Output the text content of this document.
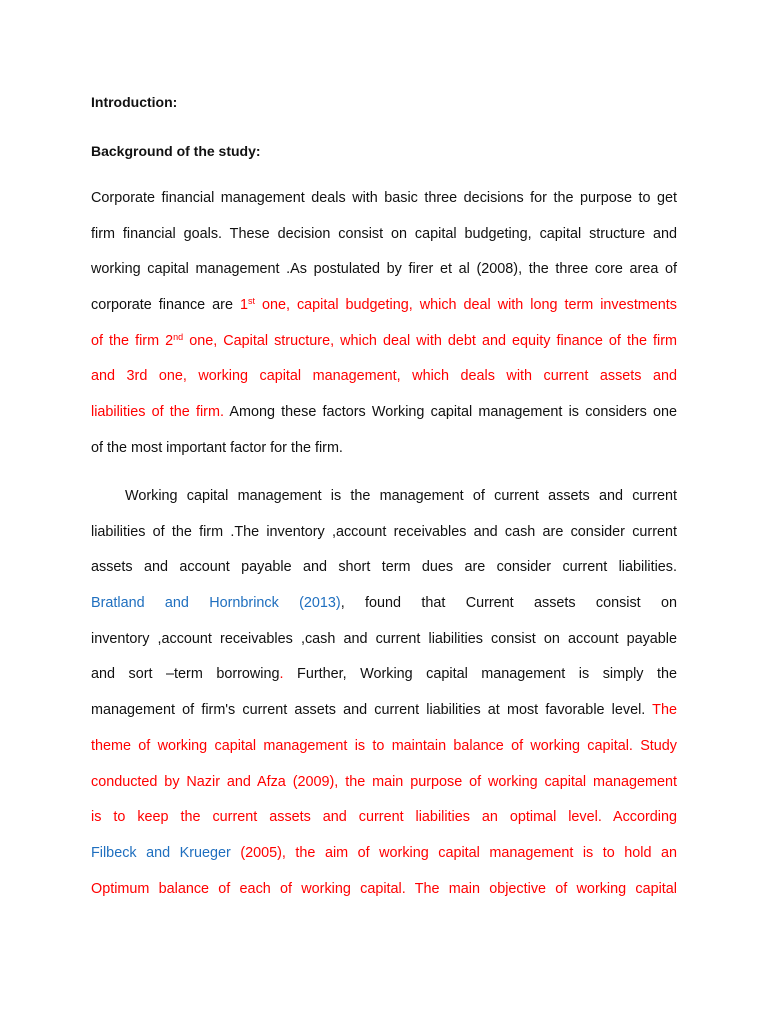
Introduction:
Background of the study:
Corporate financial management deals with basic three decisions for the purpose to get
firm financial goals. These decision consist on capital budgeting, capital structure and
working capital management .As postulated by firer et al (2008), the three core area of
corporate finance are 1st one, capital budgeting, which deal with long term investments
of the firm 2nd one, Capital structure, which deal with debt and equity finance of the firm
and 3rd one, working capital management, which deals with current assets and
liabilities of the firm. Among these factors Working capital management is considers one
of the most important factor for the firm.
Working capital management is the management of current assets and current
liabilities of the firm .The inventory ,account receivables and cash are consider current
assets and account payable and short term dues are consider current liabilities.
Bratland and Hornbrinck (2013), found that Current assets consist on
inventory ,account receivables ,cash and current liabilities consist on account payable
and sort –term borrowing. Further, Working capital management is simply the
management of firm's current assets and current liabilities at most favorable level. The
theme of working capital management is to maintain balance of working capital. Study
conducted by Nazir and Afza (2009), the main purpose of working capital management
is to keep the current assets and current liabilities an optimal level. According
Filbeck and Krueger (2005), the aim of working capital management is to hold an
Optimum balance of each of working capital. The main objective of working capital
